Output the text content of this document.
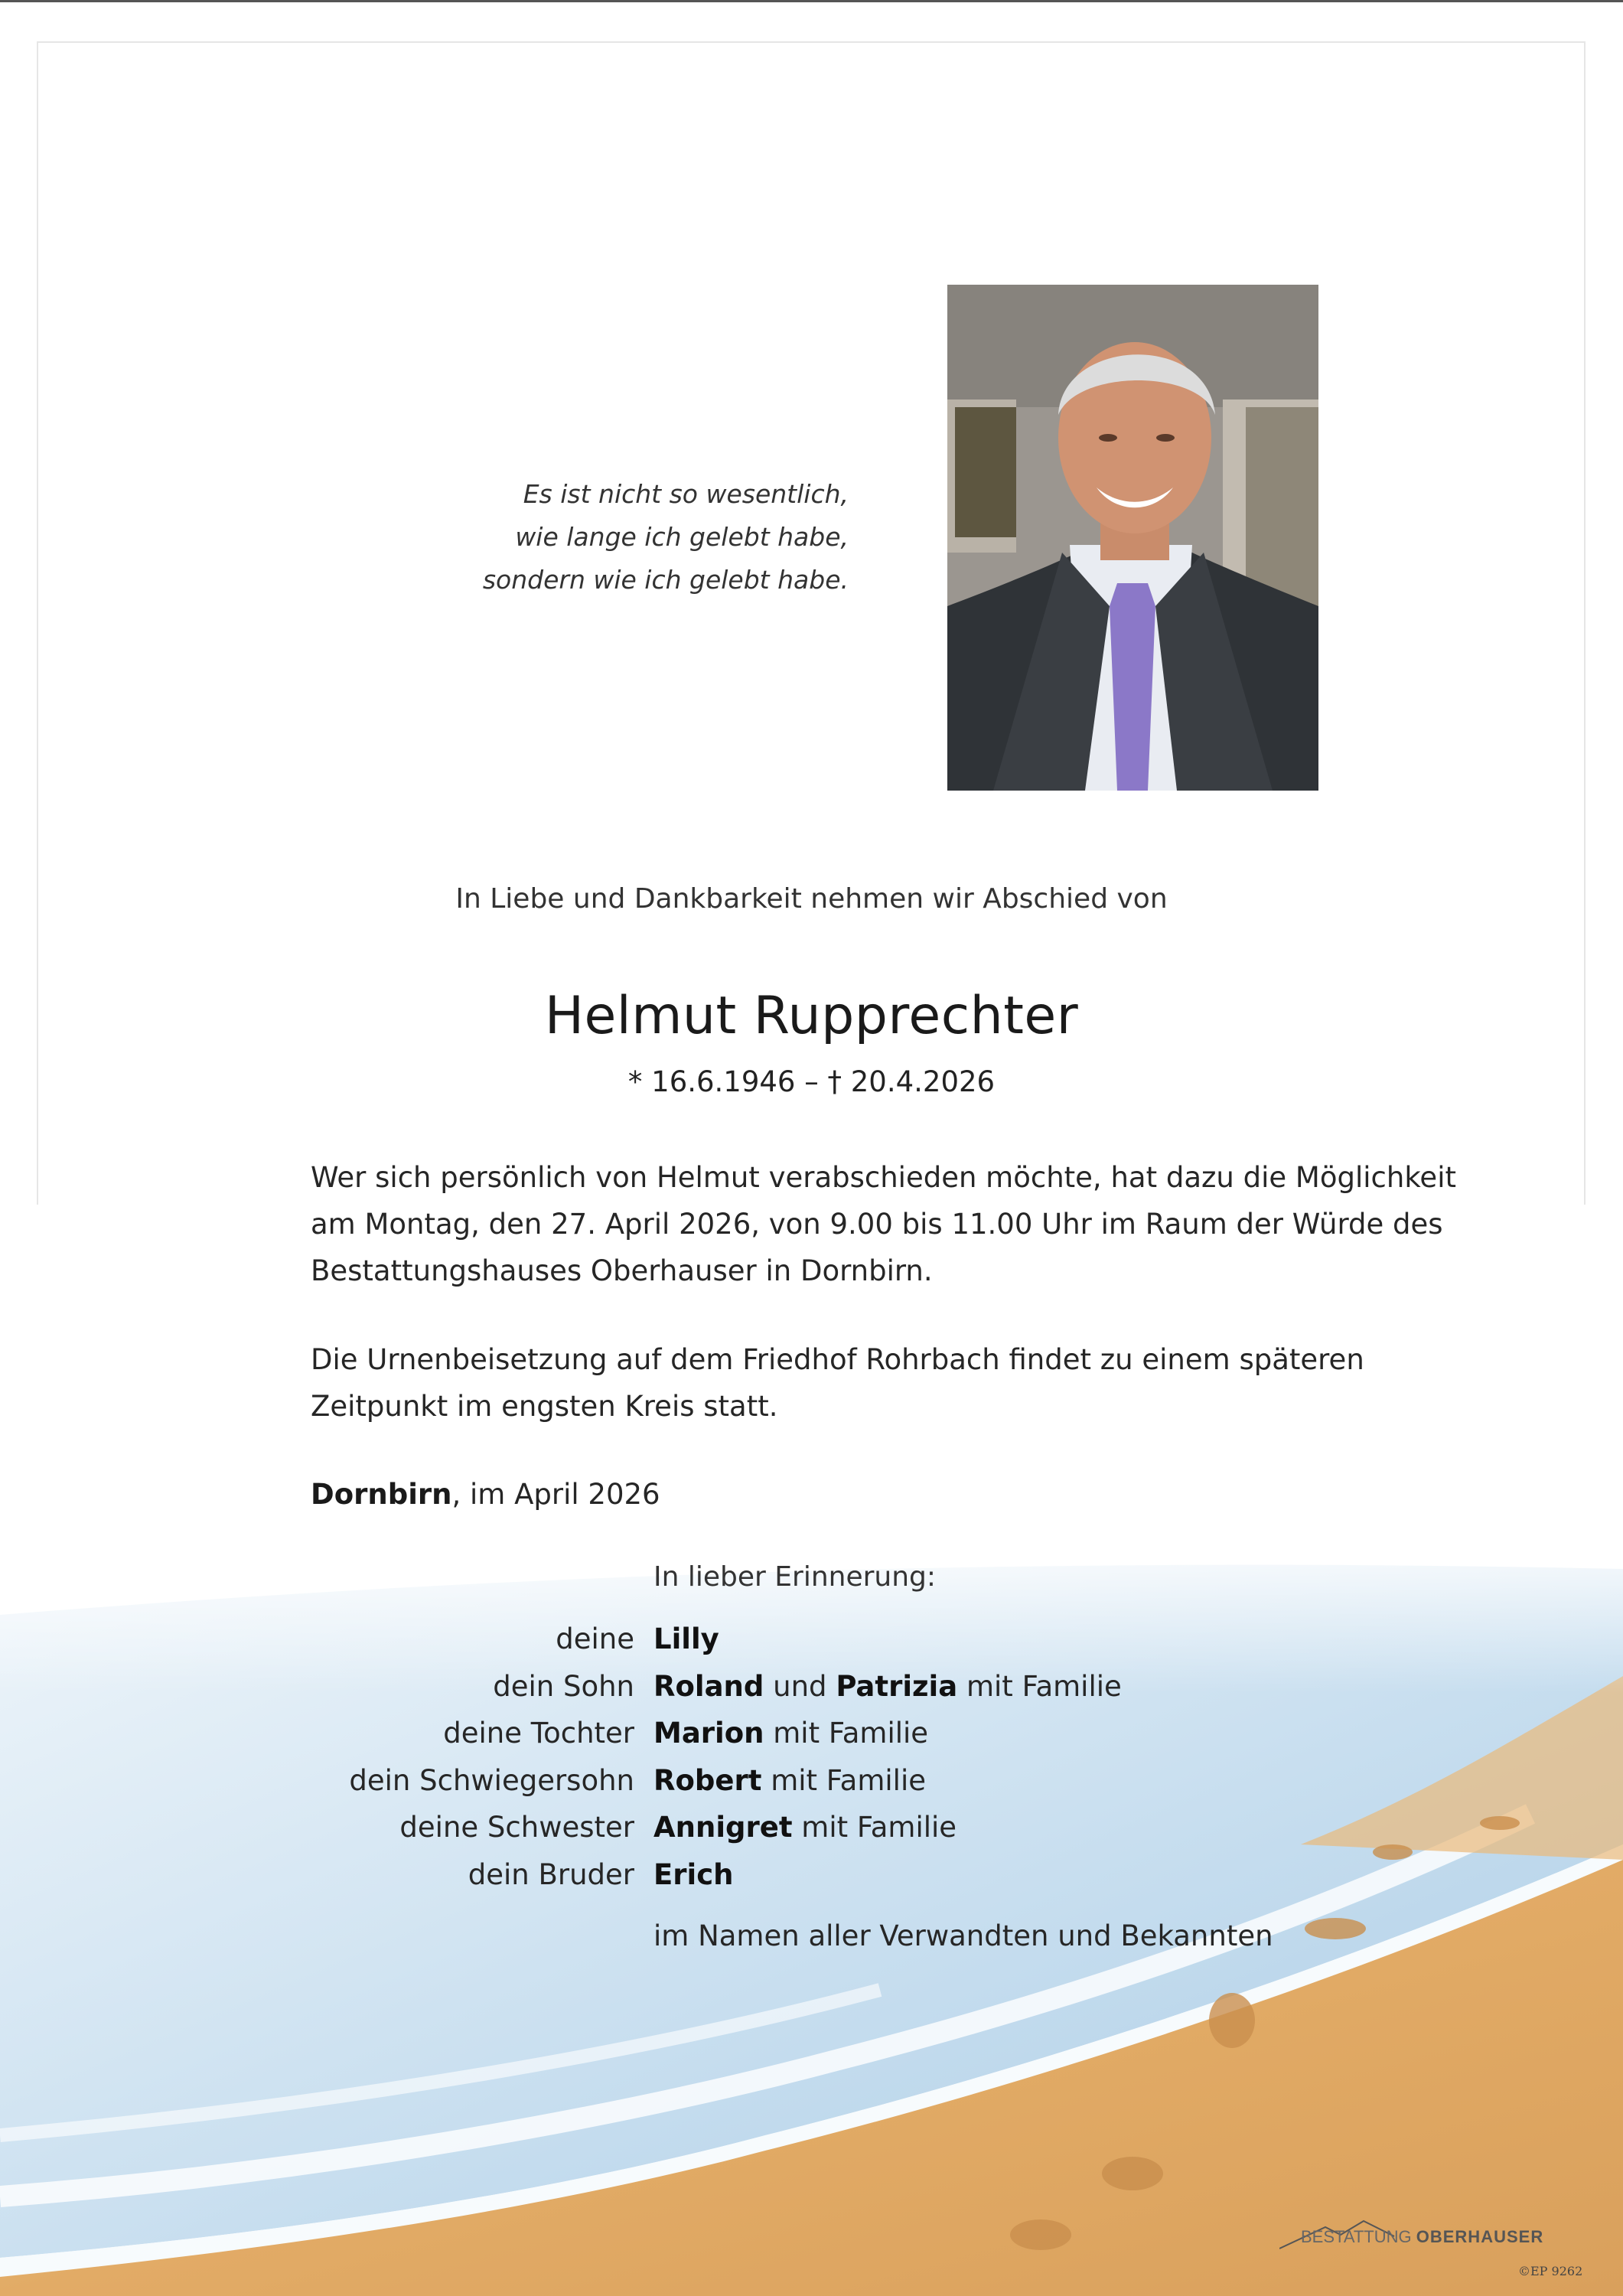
Es ist nicht so wesentlich,
wie lange ich gelebt habe,
sondern wie ich gelebt habe.
In Liebe und Dankbarkeit nehmen wir Abschied von
Helmut Rupprechter
* 16.6.1946 – † 20.4.2026
Wer sich persönlich von Helmut verabschieden möchte, hat dazu die Möglichkeit
am Montag, den 27. April 2026, von 9.00 bis 11.00 Uhr im Raum der Würde des
Bestattungshauses Oberhauser in Dornbirn.
Die Urnenbeisetzung auf dem Friedhof Rohrbach findet zu einem späteren
Zeitpunkt im engsten Kreis statt.
Dornbirn, im April 2026
In lieber Erinnerung:
deine Lilly
dein Sohn Roland und Patrizia mit Familie
deine Tochter Marion mit Familie
dein Schwiegersohn Robert mit Familie
deine Schwester Annigret mit Familie
dein Bruder Erich
im Namen aller Verwandten und Bekannten
BESTATTUNG OBERHAUSER
©EP 9262
